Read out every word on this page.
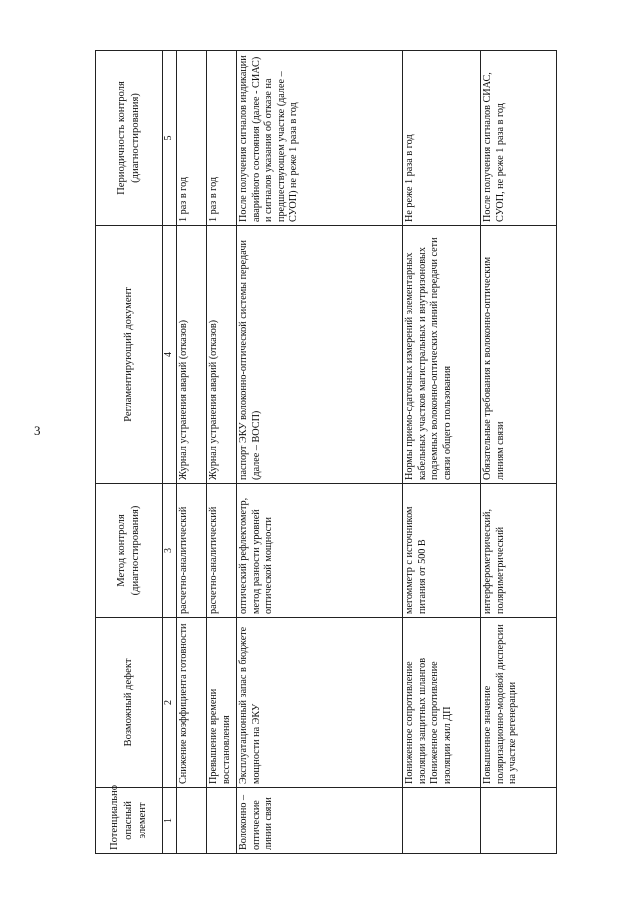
3
Потенциально опасный элемент	Возможный дефект	Метод контроля (диагностирования)	Регламентирующий документ	Периодичность контроля (диагностирования)
1	2	3	4	5
	Снижение коэффициента готовности	расчетно-аналитический	Журнал устранения аварий (отказов)	1 раз в год
	Превышение времени восстановления	расчетно-аналитический	Журнал устранения аварий (отказов)	1 раз в год
Волоконно – оптические линии связи	Эксплуатационный запас в бюджете мощности на ЭКУ	оптический рефлектометр, метод разности уровней оптической мощности	паспорт ЭКУ волоконно-оптической системы передачи (далее – ВОСП)	После получения сигналов индикации аварийного состояния (далее - СИАС) и сигналов указания об отказе на предшествующем участке (далее – СУОП) не реже 1 раза в год
	Пониженное сопротивление изоляции защитных шлангов Пониженное сопротивление изоляции жил ДП	мегомметр с источником питания от 500 В	Нормы приемо-сдаточных измерений элементарных кабельных участков магистральных и внутризоновых подземных волоконно-оптических линий передачи сети связи общего пользования	Не реже 1 раза в год
	Повышенное значение поляризационно-модовой дисперсии на участке регенерации	интерферометрический, поляриметрический	Обязательные требования к волоконно-оптическим линиям связи	После получения сигналов СИАС, СУОП, не реже 1 раза в год
